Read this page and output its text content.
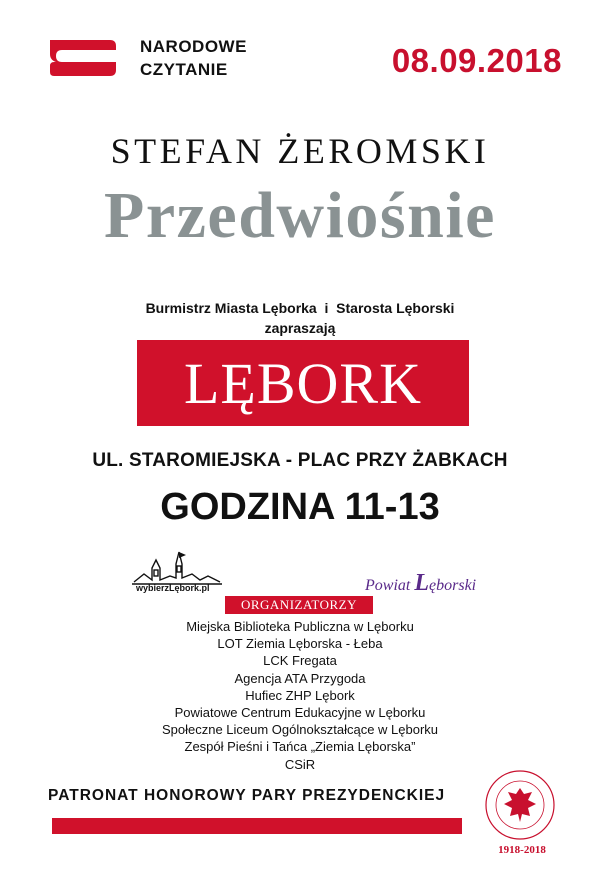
NARODOWE
CZYTANIE	08.09.2018
STEFAN ŻEROMSKI
Przedwiośnie
Burmistrz Miasta Lęborka  i  Starosta Lęborski
zapraszają
LĘBORK
UL. STAROMIEJSKA - PLAC PRZY ŻABKACH
GODZINA 11-13
wybierzLębork.pl	Powiat Lęborski
ORGANIZATORZY
Miejska Biblioteka Publiczna w Lęborku
LOT Ziemia Lęborska - Łeba
LCK Fregata
Agencja ATA Przygoda
Hufiec ZHP Lębork
Powiatowe Centrum Edukacyjne w Lęborku
Społeczne Liceum Ogólnokształcące w Lęborku
Zespół Pieśni i Tańca „Ziemia Lęborska”
CSiR
PATRONAT HONOROWY PARY PREZYDENCKIEJ
1918-2018
